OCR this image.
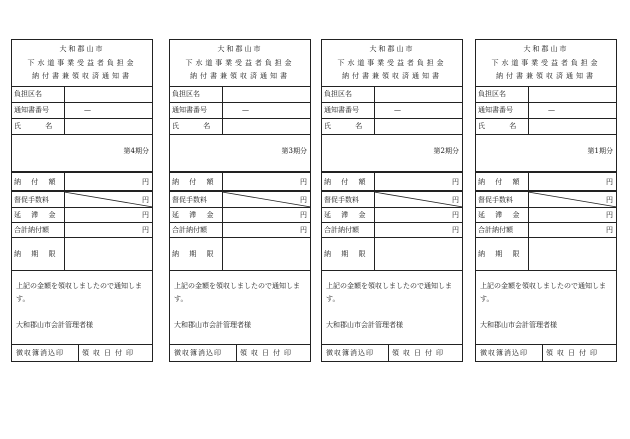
大和郡山市
下水道事業受益者負担金
納付書兼領収済通知書
負担区名
通知書番号	—
氏 名
第4期分
納 付 額	円
督促手数料	円
延 滞 金	円
合計納付額	円
納 期 限
上記の金額を領収しましたので通知します。
大和郡山市会計管理者様
徴収簿消込印	領収日付印
大和郡山市
下水道事業受益者負担金
納付書兼領収済通知書
負担区名
通知書番号	—
氏 名
第3期分
納 付 額	円
督促手数料	円
延 滞 金	円
合計納付額	円
納 期 限
上記の金額を領収しましたので通知します。
大和郡山市会計管理者様
徴収簿消込印	領収日付印
大和郡山市
下水道事業受益者負担金
納付書兼領収済通知書
負担区名
通知書番号	—
氏 名
第2期分
納 付 額	円
督促手数料	円
延 滞 金	円
合計納付額	円
納 期 限
上記の金額を領収しましたので通知します。
大和郡山市会計管理者様
徴収簿消込印	領収日付印
大和郡山市
下水道事業受益者負担金
納付書兼領収済通知書
負担区名
通知書番号	—
氏 名
第1期分
納 付 額	円
督促手数料	円
延 滞 金	円
合計納付額	円
納 期 限
上記の金額を領収しましたので通知します。
大和郡山市会計管理者様
徴収簿消込印	領収日付印
